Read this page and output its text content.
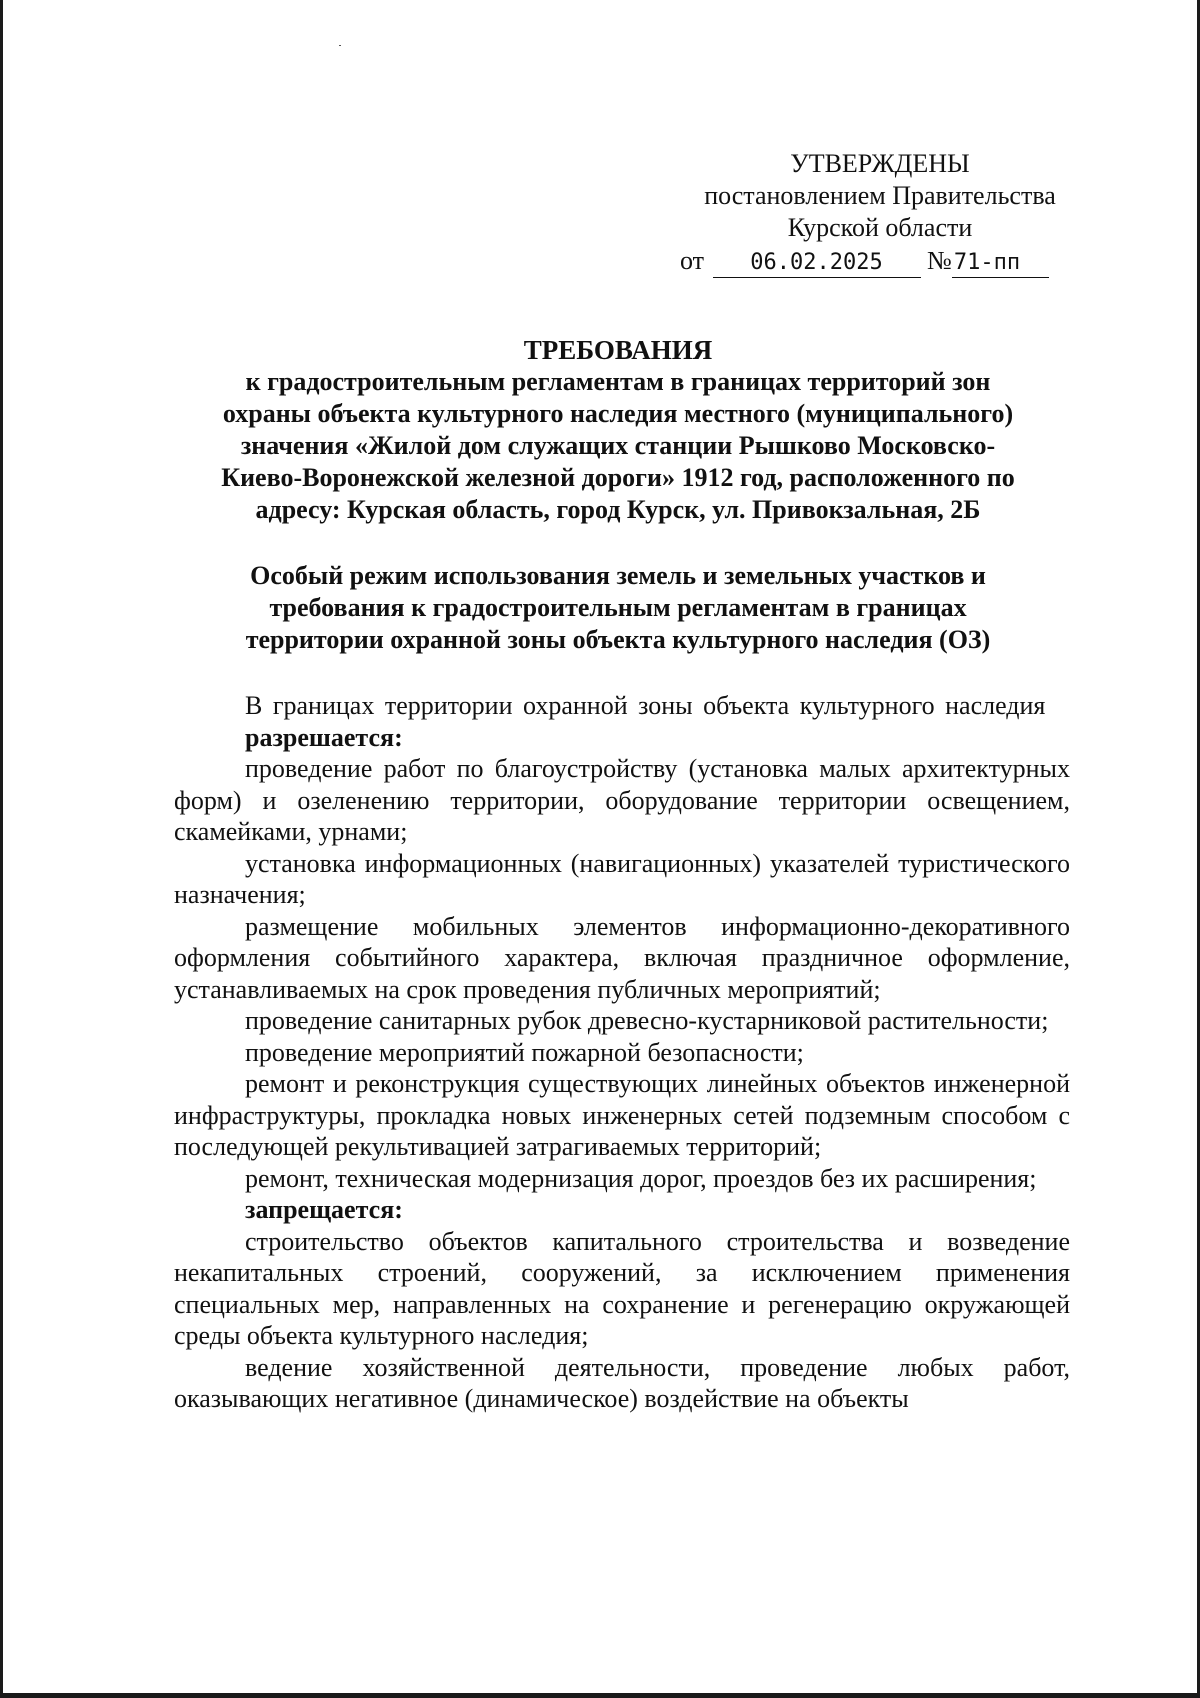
УТВЕРЖДЕНЫ
постановлением Правительства
Курской области
от 06.02.2025 №71-пп
ТРЕБОВАНИЯ
к градостроительным регламентам в границах территорий зон
охраны объекта культурного наследия местного (муниципального)
значения «Жилой дом служащих станции Рышково Московско-
Киево-Воронежской железной дороги» 1912 год, расположенного по
адресу: Курская область, город Курск, ул. Привокзальная, 2Б
Особый режим использования земель и земельных участков и
требования к градостроительным регламентам в границах
территории охранной зоны объекта культурного наследия (ОЗ)

В границах территории охранной зоны объекта культурного наследия

разрешается:

проведение работ по благоустройству (установка малых архитектурных форм) и озеленению территории, оборудование территории освещением, скамейками, урнами;

установка информационных (навигационных) указателей туристического назначения;

размещение мобильных элементов информационно-декоративного оформления событийного характера, включая праздничное оформление, устанавливаемых на срок проведения публичных мероприятий;

проведение санитарных рубок древесно-кустарниковой растительности;

проведение мероприятий пожарной безопасности;

ремонт и реконструкция существующих линейных объектов инженерной инфраструктуры, прокладка новых инженерных сетей подземным способом с последующей рекультивацией затрагиваемых территорий;

ремонт, техническая модернизация дорог, проездов без их расширения;

запрещается:

строительство объектов капитального строительства и возведение некапитальных строений, сооружений, за исключением применения специальных мер, направленных на сохранение и регенерацию окружающей среды объекта культурного наследия;

ведение хозяйственной деятельности, проведение любых работ, оказывающих негативное (динамическое) воздействие на объекты
